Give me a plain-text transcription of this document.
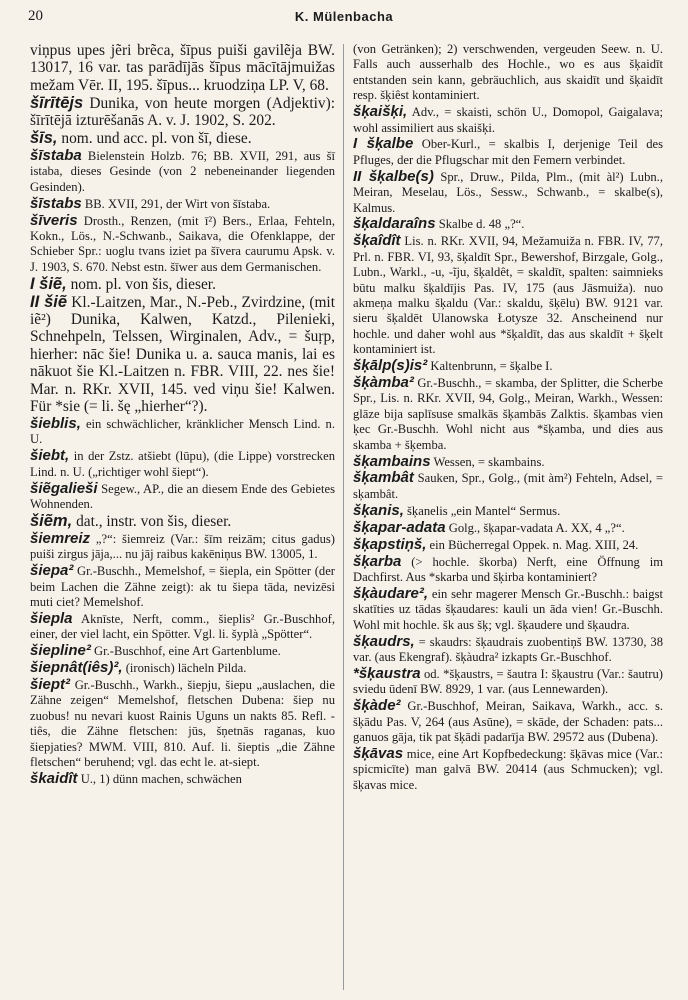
20	K. Mülenbacha

viņpus upes jẽri brẽca, šīpus puiši gavilẽja BW. 13017, 16 var. tas parādījās šīpus mācītājmuižas mežam Vēr. II, 195. šīpus... kruodziņa LP. V, 68.

šīrītējs Dunika, von heute morgen (Adjektiv): šīrītējā izturēšanās A. v. J. 1902, S. 202.

šīs, nom. und acc. pl. von šī, diese.

šīstaba Bielenstein Holzb. 76; BB. XVII, 291, aus šī istaba, dieses Gesinde (von 2 nebeneinander liegenden Gesinden).

šīstabs BB. XVII, 291, der Wirt von šīstaba.

šīveris Drosth., Renzen, (mit ī²) Bers., Erlaa, Fehteln, Kokn., Lös., N.-Schwanb., Saikava, die Ofenklappe, der Schieber Spr.: uoglu tvans iziet pa šīvera caurumu Apsk. v. J. 1903, S. 670. Nebst estn. šīwer aus dem Germanischen.

I šiẽ, nom. pl. von šis, dieser.

II šiẽ Kl.-Laitzen, Mar., N.-Peb., Zvirdzine, (mit iẽ²) Dunika, Kalwen, Katzd., Pilenieki, Schnehpeln, Telssen, Wirginalen, Adv., = šuŗp, hierher: nāc šie! Dunika u. a. sauca manis, lai es nākuot šie Kl.-Laitzen n. FBR. VIII, 22. nes šie! Mar. n. RKr. XVII, 145. ved viņu šie! Kalwen. Für *sie (= li. šę „hierher“?).

šieblis, ein schwächlicher, kränklicher Mensch Lind. n. U.

šiebt, in der Zstz. atšiebt (lūpu), (die Lippe) vorstrecken Lind. n. U. („richtiger wohl šiept“).

šiẽgalieši Segew., AP., die an diesem Ende des Gebietes Wohnenden.

šiẽm, dat., instr. von šis, dieser.

šiemreiz „?“: šiemreiz (Var.: šīm reizām; citus gadus) puiši zirgus jāja,... nu jāj raibus kakēniņus BW. 13005, 1.

šiepa² Gr.-Buschh., Memelshof, = šiepla, ein Spötter (der beim Lachen die Zähne zeigt): ak tu šiepa tāda, nevizēsi muti ciet? Memelshof.

šiepla Aknīste, Nerft, comm., šieplis² Gr.-Buschhof, einer, der viel lacht, ein Spötter. Vgl. li. šyplà „Spötter“.

šiepline² Gr.-Buschhof, eine Art Gartenblume.

šiepnât(iês)², (ironisch) lächeln Pilda.

šiept² Gr.-Buschh., Warkh., šiepju, šiepu „auslachen, die Zähne zeigen“ Memelshof, fletschen Dubena: šiep nu zuobus! nu nevari kuost Rainis Uguns un nakts 85. Refl. -tiês, die Zähne fletschen: jūs, šņetnās raganas, kuo šiepjaties? MWM. VIII, 810. Auf. li. šieptis „die Zähne fletschen“ beruhend; vgl. das echt le. at-siept.

škaidît U., 1) dünn machen, schwächen

(von Getränken); 2) verschwenden, vergeuden Seew. n. U. Falls auch ausserhalb des Hochle., wo es aus šķaidīt entstanden sein kann, gebräuchlich, aus skaidīt und šķaidīt resp. šķiêst kontaminiert.

šķaišķi, Adv., = skaisti, schön U., Domopol, Gaigalava; wohl assimiliert aus skaišķi.

I šķalbe Ober-Kurl., = skalbis I, derjenige Teil des Pfluges, der die Pflugschar mit den Femern verbindet.

II šķalbe(s) Spr., Druw., Pilda, Plm., (mit àl²) Lubn., Meiran, Meselau, Lös., Sessw., Schwanb., = skalbe(s), Kalmus.

šķaldaraîns Skalbe d. 48 „?“.

šķaîdît Lis. n. RKr. XVII, 94, Mežamuiža n. FBR. IV, 77, Prl. n. FBR. VI, 93, šķaldīt Spr., Bewershof, Birzgale, Golg., Lubn., Warkl., -u, -ĩju, šķaldêt, = skaldīt, spalten: saimnieks būtu malku šķaldījis Pas. IV, 175 (aus Jāsmuiža). nuo akmeņa malku šķaldu (Var.: skaldu, šķēlu) BW. 9121 var. sieru šķaldēt Ulanowska Łotysze 32. Anscheinend nur hochle. und daher wohl aus *šķaldīt, das aus skaldīt + šķelt kontaminiert ist.

šķālp(s)is² Kaltenbrunn, = šķalbe I.

šķàmba² Gr.-Buschh., = skamba, der Splitter, die Scherbe Spr., Lis. n. RKr. XVII, 94, Golg., Meiran, Warkh., Wessen: glāze bija saplīsuse smalkās šķambās Zalktis. šķambas vien ķec Gr.-Buschh. Wohl nicht aus *šķamba, und dies aus skamba + šķemba.

šķambains Wessen, = skambains.

šķambât Sauken, Spr., Golg., (mit àm²) Fehteln, Adsel, = sķambât.

šķanis, šķanelis „ein Mantel“ Sermus.

šķapar-adata Golg., šķapar-vadata A. XX, 4 „?“.

šķapstiņš, ein Bücherregal Oppek. n. Mag. XIII, 24.

šķarba (> hochle. škorba) Nerft, eine Öffnung im Dachfirst. Aus *skarba und šķirba kontaminiert?

šķàudare², ein sehr magerer Mensch Gr.-Buschh.: baigst skatīties uz tādas šķaudares: kauli un āda vien! Gr.-Buschh. Wohl mit hochle. šk aus šķ; vgl. šķaudere und šķaudra.

šķaudrs, = skaudrs: šķaudrais zuobentiņš BW. 13730, 38 var. (aus Ekengraf). šķàudra² izkapts Gr.-Buschhof.

*šķaustra od. *šķaustrs, = šautra I: šķaustru (Var.: šautru) sviedu ūdenī BW. 8929, 1 var. (aus Lennewarden).

šķàde² Gr.-Buschhof, Meiran, Saikava, Warkh., acc. s. šķādu Pas. V, 264 (aus Asūne), = skāde, der Schaden: pats... ganuos gāja, tik pat šķādi padarīja BW. 29572 aus (Dubena).

šķāvas mice, eine Art Kopfbedeckung: šķāvas mice (Var.: spicmicīte) man galvā BW. 20414 (aus Schmucken); vgl. šķavas mice.
